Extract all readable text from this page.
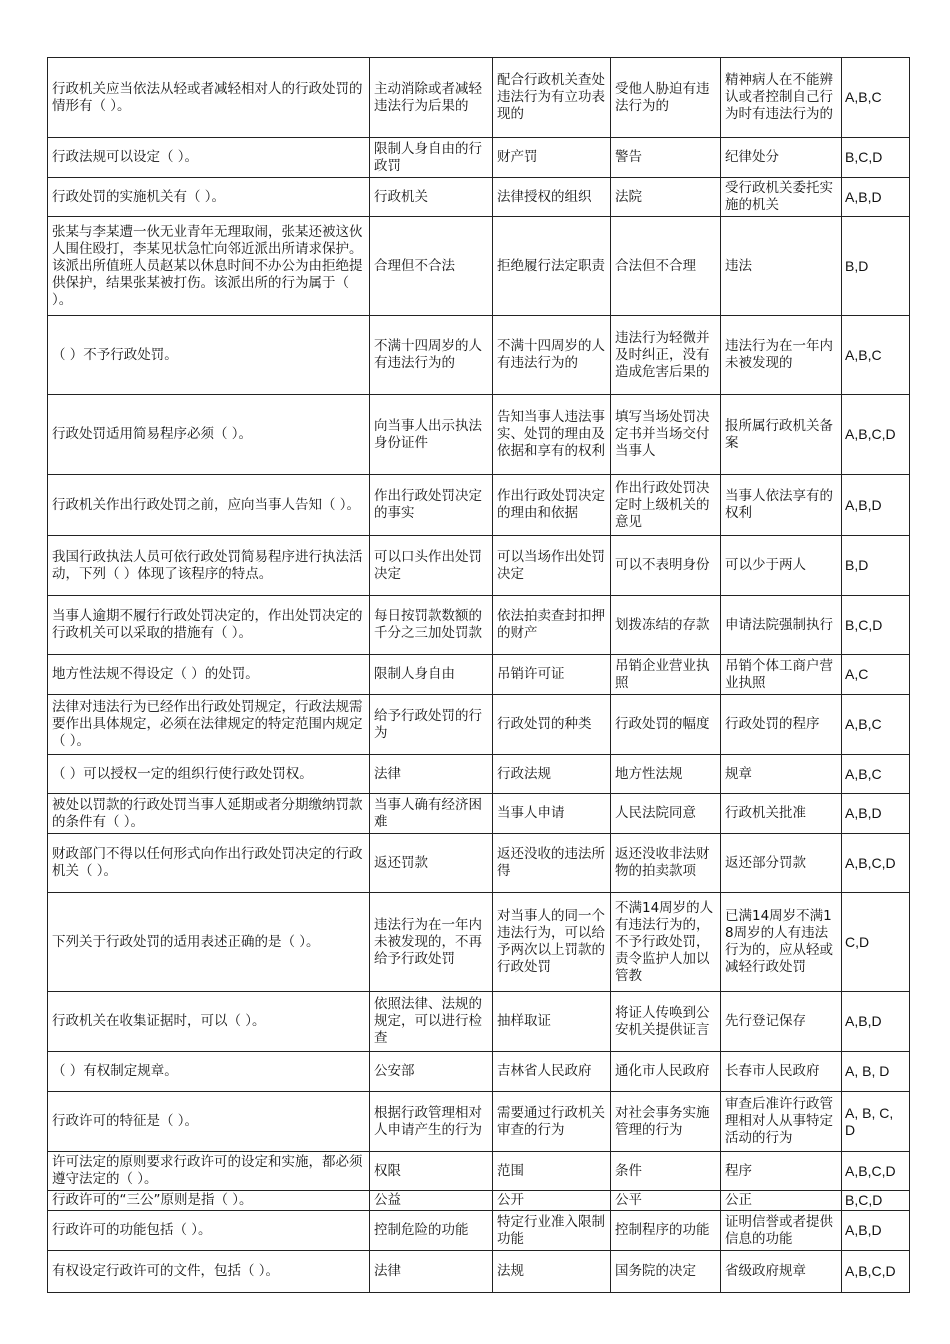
行政机关应当依法从轻或者减轻相对人的行政处罚的情形有（ ）。	主动消除或者减轻违法行为后果的	配合行政机关查处违法行为有立功表现的	受他人胁迫有违法行为的	精神病人在不能辨认或者控制自己行为时有违法行为的	A,B,C
行政法规可以设定（ ）。	限制人身自由的行政罚	财产罚	警告	纪律处分	B,C,D
行政处罚的实施机关有（ ）。	行政机关	法律授权的组织	法院	受行政机关委托实施的机关	A,B,D
张某与李某遭一伙无业青年无理取闹，张某还被这伙人围住殴打，李某见状急忙向邻近派出所请求保护。该派出所值班人员赵某以休息时间不办公为由拒绝提供保护，结果张某被打伤。该派出所的行为属于（ ）。	合理但不合法	拒绝履行法定职责	合法但不合理	违法	B,D
（ ）不予行政处罚。	不满十四周岁的人有违法行为的	不满十四周岁的人有违法行为的	违法行为轻微并及时纠正，没有造成危害后果的	违法行为在一年内未被发现的	A,B,C
行政处罚适用简易程序必须（ ）。	向当事人出示执法身份证件	告知当事人违法事实、处罚的理由及依据和享有的权利	填写当场处罚决定书并当场交付当事人	报所属行政机关备案	A,B,C,D
行政机关作出行政处罚之前，应向当事人告知（ ）。	作出行政处罚决定的事实	作出行政处罚决定的理由和依据	作出行政处罚决定时上级机关的意见	当事人依法享有的权利	A,B,D
我国行政执法人员可依行政处罚简易程序进行执法活动，下列（ ）体现了该程序的特点。	可以口头作出处罚决定	可以当场作出处罚决定	可以不表明身份	可以少于两人	B,D
当事人逾期不履行行政处罚决定的，作出处罚决定的行政机关可以采取的措施有（ ）。	每日按罚款数额的千分之三加处罚款	依法拍卖查封扣押的财产	划拨冻结的存款	申请法院强制执行	B,C,D
地方性法规不得设定（ ）的处罚。	限制人身自由	吊销许可证	吊销企业营业执照	吊销个体工商户营业执照	A,C
法律对违法行为已经作出行政处罚规定，行政法规需要作出具体规定，必须在法律规定的特定范围内规定（ ）。	给予行政处罚的行为	行政处罚的种类	行政处罚的幅度	行政处罚的程序	A,B,C
（ ）可以授权一定的组织行使行政处罚权。	法律	行政法规	地方性法规	规章	A,B,C
被处以罚款的行政处罚当事人延期或者分期缴纳罚款的条件有（ ）。	当事人确有经济困难	当事人申请	人民法院同意	行政机关批准	A,B,D
财政部门不得以任何形式向作出行政处罚决定的行政机关（ ）。	返还罚款	返还没收的违法所得	返还没收非法财物的拍卖款项	返还部分罚款	A,B,C,D
下列关于行政处罚的适用表述正确的是（ ）。	违法行为在一年内未被发现的，不再给予行政处罚	对当事人的同一个违法行为，可以给予两次以上罚款的行政处罚	不满14周岁的人有违法行为的，不予行政处罚，责令监护人加以管教	已满14周岁不满18周岁的人有违法行为的，应从轻或减轻行政处罚	C,D
行政机关在收集证据时，可以（ ）。	依照法律、法规的规定，可以进行检查	抽样取证	将证人传唤到公安机关提供证言	先行登记保存	A,B,D
（ ）有权制定规章。	公安部	吉林省人民政府	通化市人民政府	长春市人民政府	A, B, D
行政许可的特征是（ ）。	根据行政管理相对人申请产生的行为	需要通过行政机关审查的行为	对社会事务实施管理的行为	审查后准许行政管理相对人从事特定活动的行为	A, B, C, D
许可法定的原则要求行政许可的设定和实施，都必须遵守法定的（ ）。	权限	范围	条件	程序	A,B,C,D
行政许可的“三公”原则是指（ ）。	公益	公开	公平	公正	B,C,D
行政许可的功能包括（ ）。	控制危险的功能	特定行业准入限制功能	控制程序的功能	证明信誉或者提供信息的功能	A,B,D
有权设定行政许可的文件，包括（ ）。	法律	法规	国务院的决定	省级政府规章	A,B,C,D
